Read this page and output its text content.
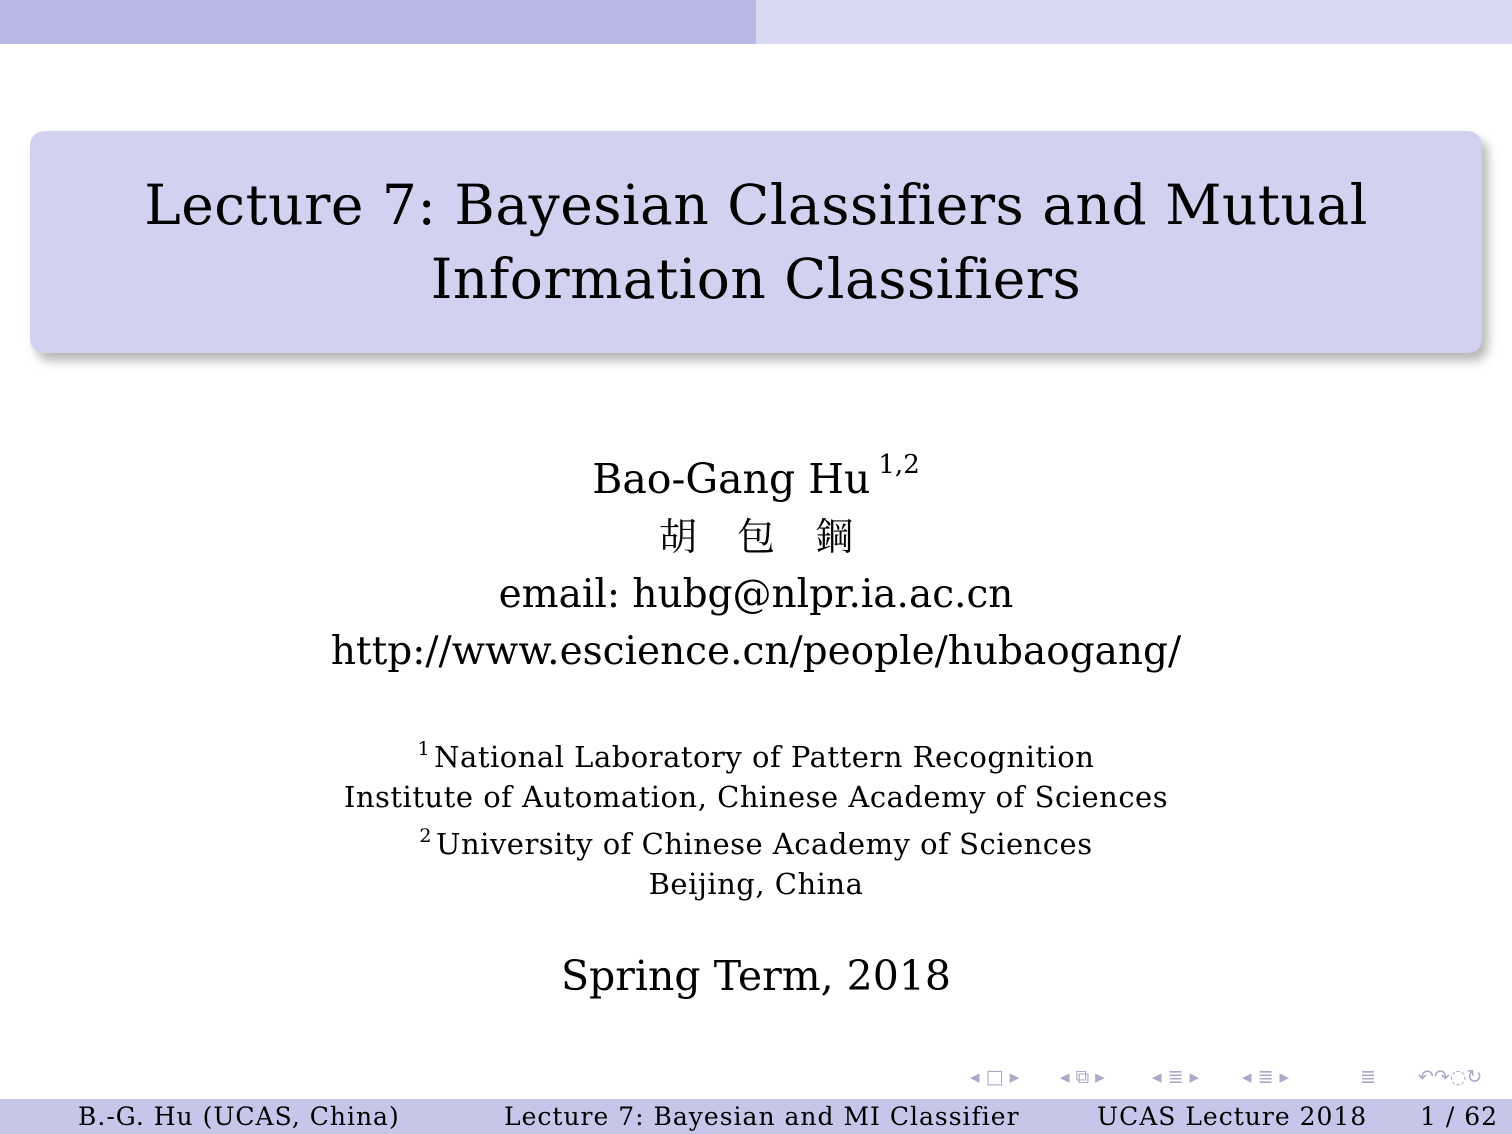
Lecture 7: Bayesian Classifiers and Mutual
Information Classifiers
Bao-Gang Hu $^{1,2}$
胡 包 鋼
email: hubg@nlpr.ia.ac.cn
http://www.escience.cn/people/hubaogang/
$^1$ National Laboratory of Pattern Recognition
Institute of Automation, Chinese Academy of Sciences
$^2$ University of Chinese Academy of Sciences
Beijing, China
Spring Term, 2018
◂ □ ▸ ◂ ⧉ ▸ ◂ ≣ ▸ ◂ ≣ ▸	≣ ↶↷◌↻
B.-G. Hu (UCAS, China)	Lecture 7: Bayesian and MI Classifier	UCAS Lecture 2018 1 / 62
